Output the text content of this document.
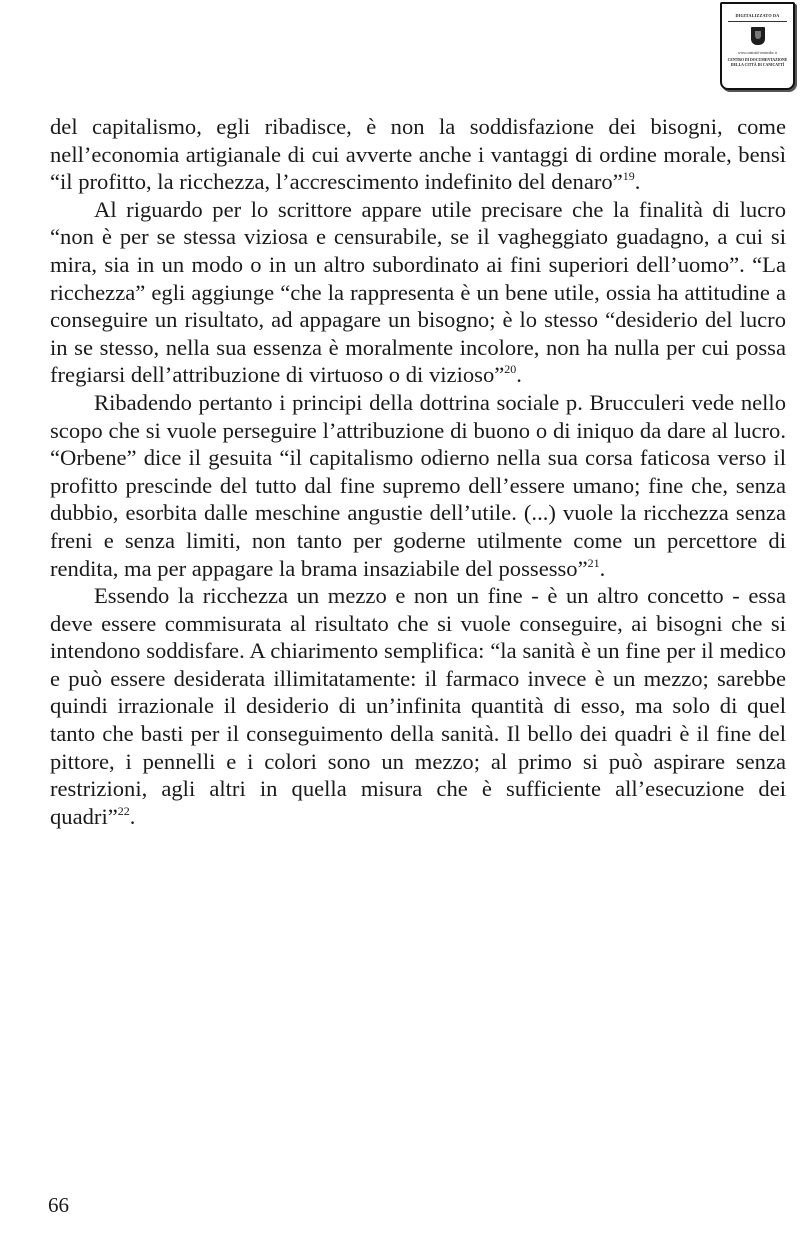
DIGITALIZZATO DA
www.canicatti-centrodoc.it
CENTRO DI DOCUMENTAZIONE
DELLA CITTÀ DI CANICATTÌ

del capitalismo, egli ribadisce, è non la soddisfazione dei bisogni, come nell’economia artigianale di cui avverte anche i vantaggi di ordine morale, bensì “il profitto, la ricchezza, l’accrescimento indefinito del denaro”$^{19}$.

Al riguardo per lo scrittore appare utile precisare che la finalità di lucro “non è per se stessa viziosa e censurabile, se il vagheggiato guadagno, a cui si mira, sia in un modo o in un altro subordinato ai fini superiori dell’uomo”. “La ricchezza” egli aggiunge “che la rappresenta è un bene utile, ossia ha attitudine a conseguire un risultato, ad appagare un bisogno; è lo stesso “desiderio del lucro in se stesso, nella sua essenza è moralmente incolore, non ha nulla per cui possa fregiarsi dell’attribuzione di virtuoso o di vizioso”$^{20}$.

Ribadendo pertanto i principi della dottrina sociale p. Brucculeri vede nello scopo che si vuole perseguire l’attribuzione di buono o di iniquo da dare al lucro. “Orbene” dice il gesuita “il capitalismo odierno nella sua corsa faticosa verso il profitto prescinde del tutto dal fine supremo dell’essere umano; fine che, senza dubbio, esorbita dalle meschine angustie dell’utile. (...) vuole la ricchezza senza freni e senza limiti, non tanto per goderne utilmente come un percettore di rendita, ma per appagare la brama insaziabile del possesso”$^{21}$.

Essendo la ricchezza un mezzo e non un fine - è un altro concetto - essa deve essere commisurata al risultato che si vuole conseguire, ai bisogni che si intendono soddisfare. A chiarimento semplifica: “la sanità è un fine per il medico e può essere desiderata illimitatamente: il farmaco invece è un mezzo; sarebbe quindi irrazionale il desiderio di un’infinita quantità di esso, ma solo di quel tanto che basti per il conseguimento della sanità. Il bello dei quadri è il fine del pittore, i pennelli e i colori sono un mezzo; al primo si può aspirare senza restrizioni, agli altri in quella misura che è sufficiente all’esecuzione dei quadri”$^{22}$.

66
